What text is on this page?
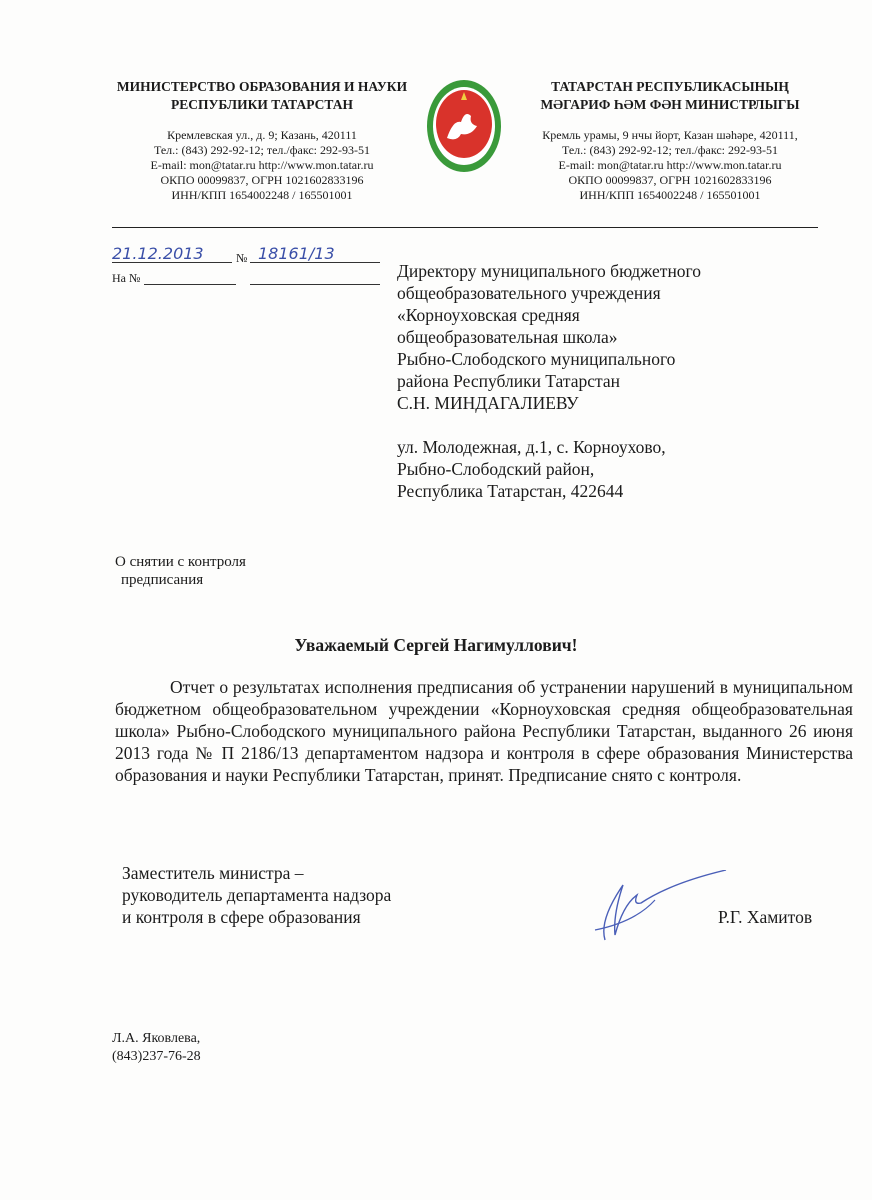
МИНИСТЕРСТВО ОБРАЗОВАНИЯ И НАУКИ
РЕСПУБЛИКИ ТАТАРСТАН
Кремлевская ул., д. 9; Казань, 420111
Тел.: (843) 292-92-12; тел./факс: 292-93-51
E-mail: mon@tatar.ru http://www.mon.tatar.ru
ОКПО 00099837, ОГРН 1021602833196
ИНН/КПП 1654002248 / 165501001
ТАТАРСТАН РЕСПУБЛИКАСЫНЫҢ
МӘГАРИФ ҺӘМ ФӘН МИНИСТРЛЫГЫ
Кремль урамы, 9 нчы йорт, Казан шәһәре, 420111,
Тел.: (843) 292-92-12; тел./факс: 292-93-51
E-mail: mon@tatar.ru http://www.mon.tatar.ru
ОКПО 00099837, ОГРН 1021602833196
ИНН/КПП 1654002248 / 165501001
21.12.2013	№ 18161/13
На №	Директору муниципального бюджетного
общеобразовательного учреждения
«Корноуховская средняя
общеобразовательная школа»
Рыбно-Слободского муниципального
района Республики Татарстан
С.Н. МИНДАГАЛИЕВУ
ул. Молодежная, д.1, с. Корноухово,
Рыбно-Слободский район,
Республика Татарстан, 422644
О снятии с контроля
предписания
Уважаемый Сергей Нагимуллович!
Отчет о результатах исполнения предписания об устранении нарушений в муниципальном бюджетном общеобразовательном учреждении «Корноуховская средняя общеобразовательная школа» Рыбно-Слободского муниципального района Республики Татарстан, выданного 26 июня 2013 года № П 2186/13 департаментом надзора и контроля в сфере образования Министерства образования и науки Республики Татарстан, принят. Предписание снято с контроля.
Заместитель министра –
руководитель департамента надзора
и контроля в сфере образования	Р.Г. Хамитов
Л.А. Яковлева,
(843)237-76-28
